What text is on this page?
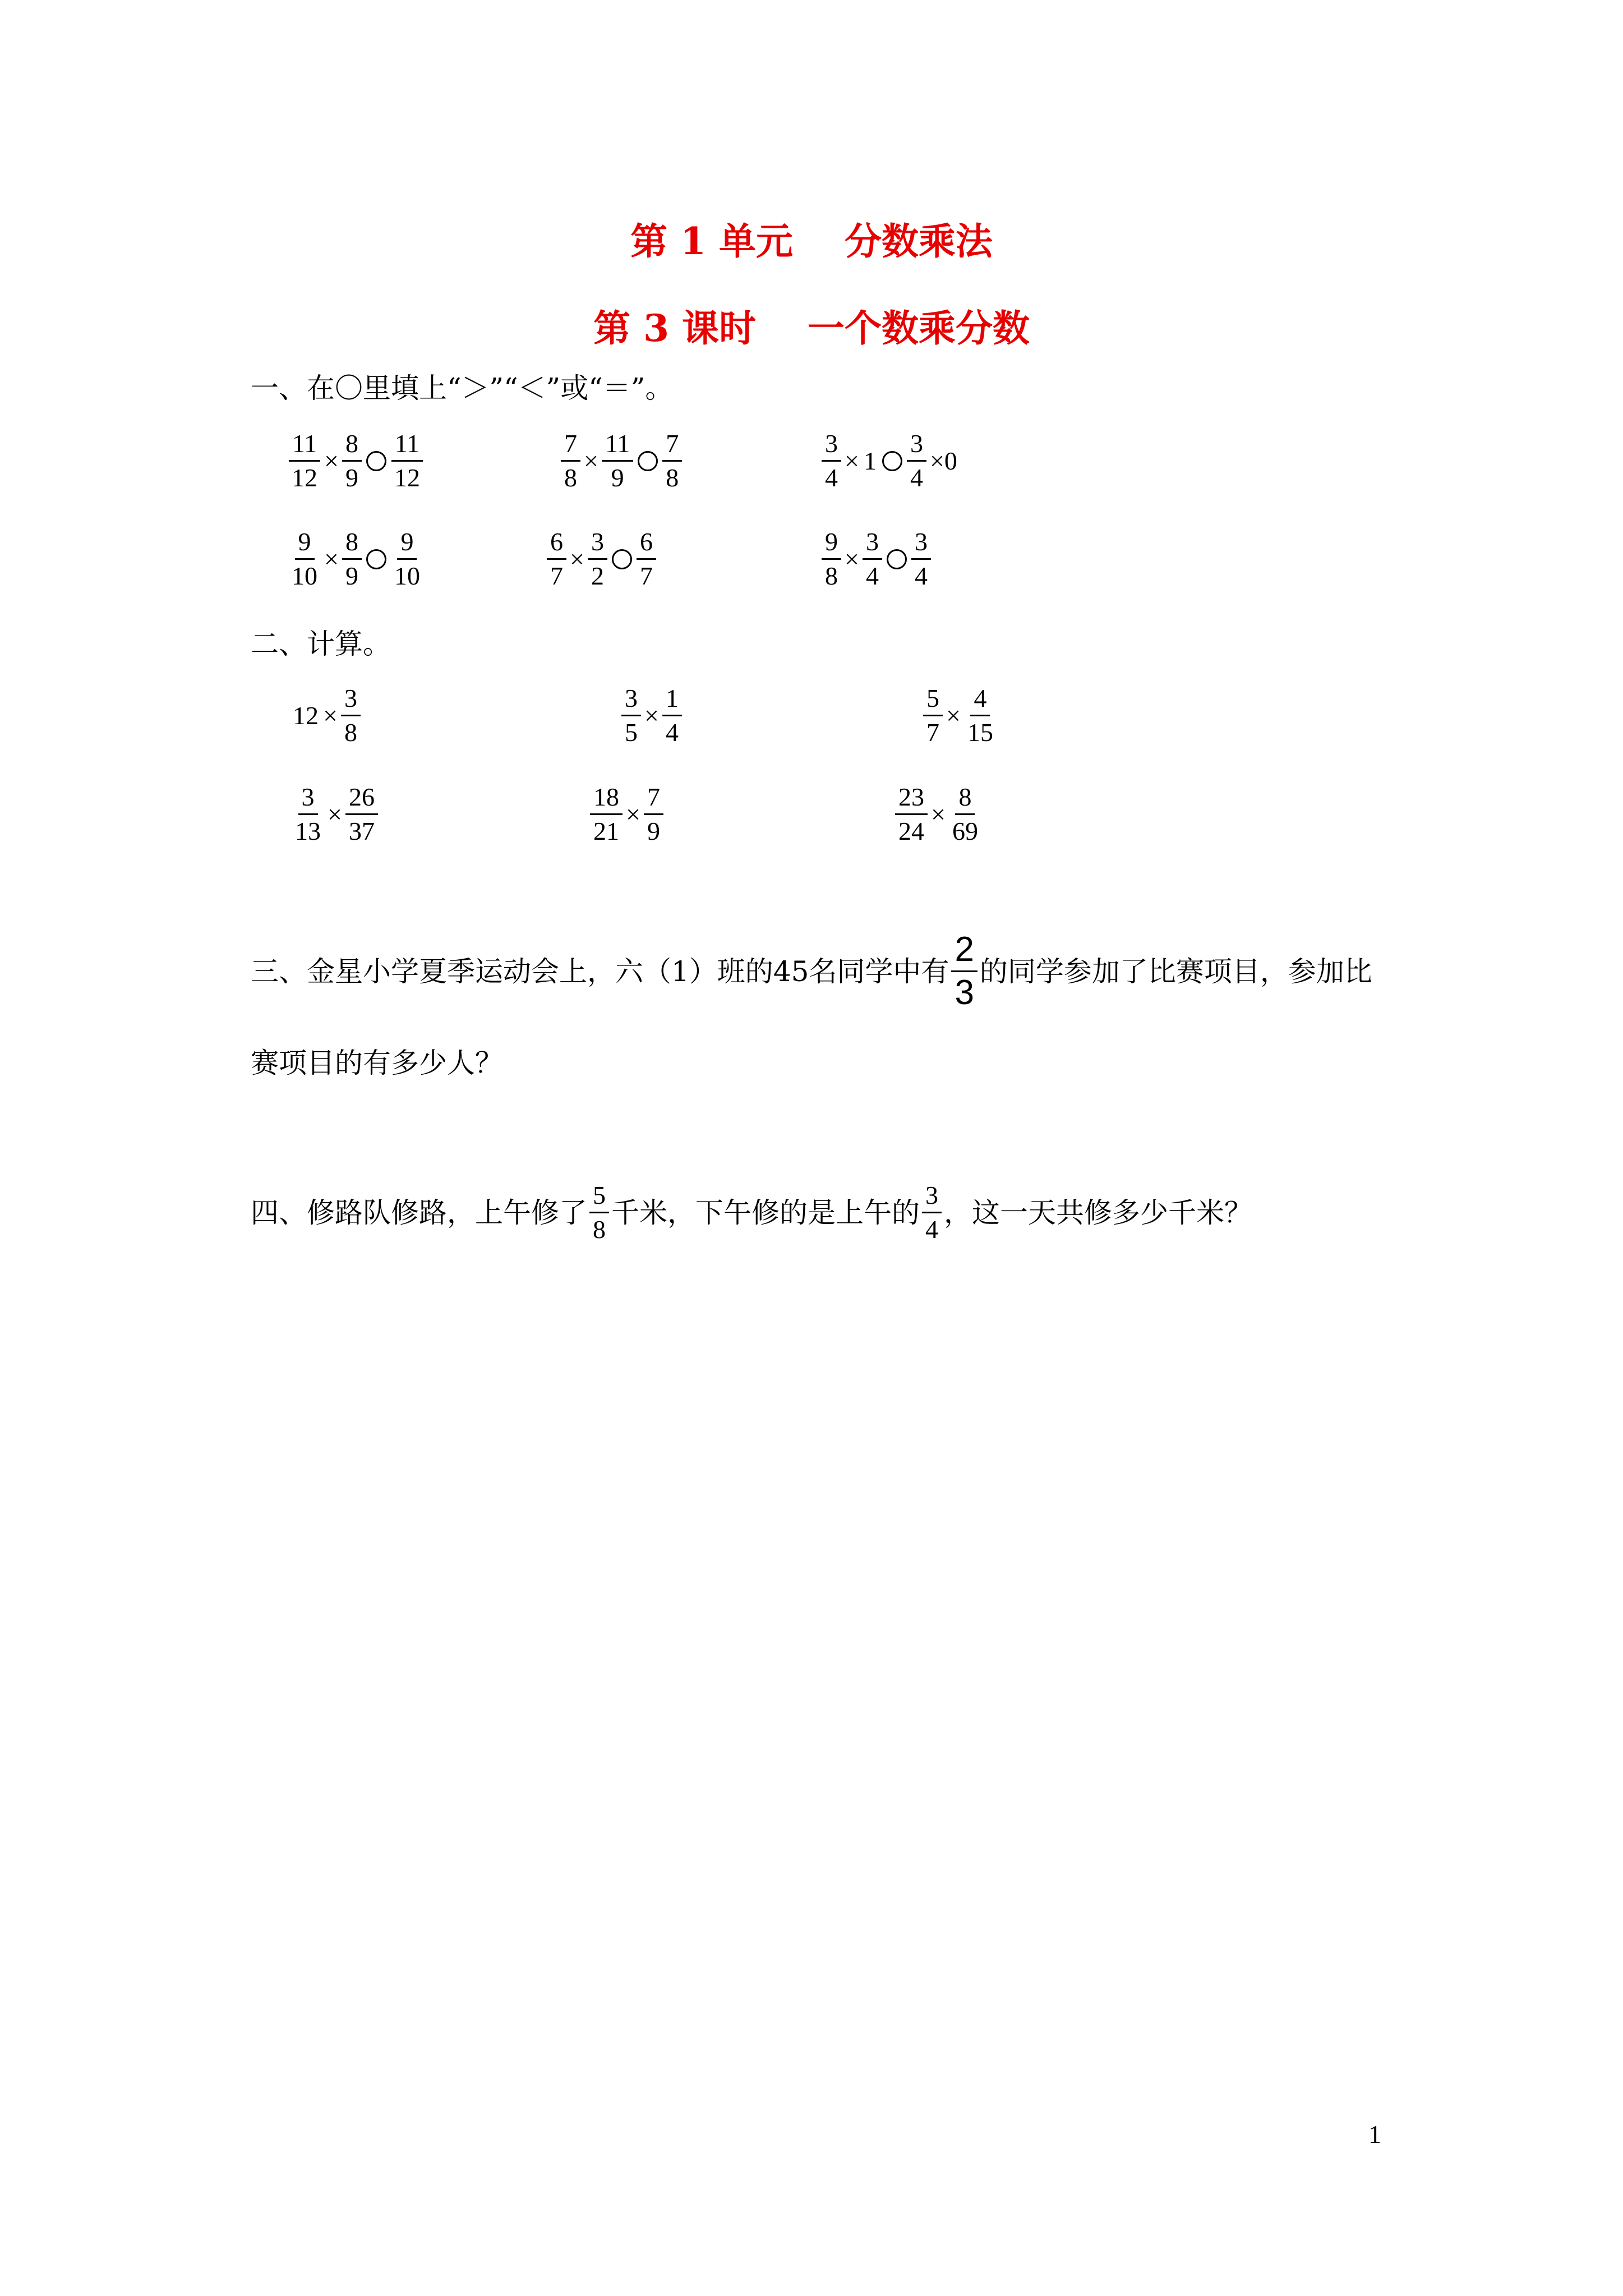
第 1 单元    分数乘法
第 3 课时    一个数乘分数
一、在〇里填上“＞”“＜”或“＝”。
$\frac{11}{12} \times \frac{8}{9} \frac{11}{12}$	$\frac{7}{8} \times \frac{11}{9} \frac{7}{8}$	$\frac{3}{4} \times 1 \frac{3}{4} \times 0$
$\frac{9}{10} \times \frac{8}{9} \frac{9}{10}$	$\frac{6}{7} \times \frac{3}{2} \frac{6}{7}$	$\frac{9}{8} \times \frac{3}{4} \frac{3}{4}$
二、计算。
$12 \times \frac{3}{8}$	$\frac{3}{5} \times \frac{1}{4}$	$\frac{5}{7} \times \frac{4}{15}$
$\frac{3}{13} \times \frac{26}{37}$	$\frac{18}{21} \times \frac{7}{9}$	$\frac{23}{24} \times \frac{8}{69}$
三、金星小学夏季运动会上，六（1）班的45名同学中有 $\frac{2}{3}$ 的同学参加了比赛项目，参加比
赛项目的有多少人？
四、修路队修路，上午修了 $\frac{5}{8}$ 千米，下午修的是上午的 $\frac{3}{4}$ ，这一天共修多少千米？
1
